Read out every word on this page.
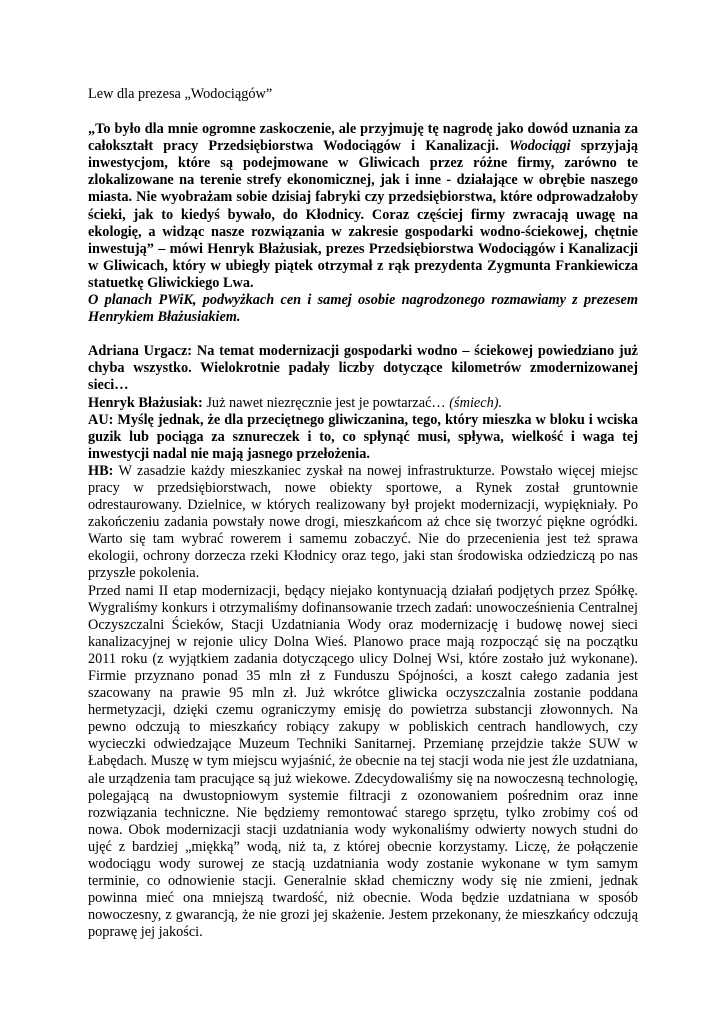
Lew dla prezesa „Wodociągów”

„To było dla mnie ogromne zaskoczenie, ale przyjmuję tę nagrodę jako dowód uznania za całokształt pracy Przedsiębiorstwa Wodociągów i Kanalizacji. Wodociągi sprzyjają inwestycjom, które są podejmowane w Gliwicach przez różne firmy, zarówno te zlokalizowane na terenie strefy ekonomicznej, jak i inne - działające w obrębie naszego miasta. Nie wyobrażam sobie dzisiaj fabryki czy przedsiębiorstwa, które odprowadzałoby ścieki, jak to kiedyś bywało, do Kłodnicy. Coraz częściej firmy zwracają uwagę na ekologię, a widząc nasze rozwiązania w zakresie gospodarki wodno-ściekowej, chętnie inwestują” – mówi Henryk Błażusiak, prezes Przedsiębiorstwa Wodociągów i Kanalizacji w Gliwicach, który w ubiegły piątek otrzymał z rąk prezydenta Zygmunta Frankiewicza statuetkę Gliwickiego Lwa.

O planach PWiK, podwyżkach cen i samej osobie nagrodzonego rozmawiamy z prezesem Henrykiem Błażusiakiem.

Adriana Urgacz: Na temat modernizacji gospodarki wodno – ściekowej powiedziano już chyba wszystko. Wielokrotnie padały liczby dotyczące kilometrów zmodernizowanej sieci…

Henryk Błażusiak: Już nawet niezręcznie jest je powtarzać… (śmiech).

AU: Myślę jednak, że dla przeciętnego gliwiczanina, tego, który mieszka w bloku i wciska guzik lub pociąga za sznureczek i to, co spłynąć musi, spływa, wielkość i waga tej inwestycji nadal nie mają jasnego przełożenia.

HB: W zasadzie każdy mieszkaniec zyskał na nowej infrastrukturze. Powstało więcej miejsc pracy w przedsiębiorstwach, nowe obiekty sportowe, a Rynek został gruntownie odrestaurowany. Dzielnice, w których realizowany był projekt modernizacji, wypiękniały. Po zakończeniu zadania powstały nowe drogi, mieszkańcom aż chce się tworzyć piękne ogródki. Warto się tam wybrać rowerem i samemu zobaczyć. Nie do przecenienia jest też sprawa ekologii, ochrony dorzecza rzeki Kłodnicy oraz tego, jaki stan środowiska odziedziczą po nas przyszłe pokolenia.

Przed nami II etap modernizacji, będący niejako kontynuacją działań podjętych przez Spółkę. Wygraliśmy konkurs i otrzymaliśmy dofinansowanie trzech zadań: unowocześnienia Centralnej Oczyszczalni Ścieków, Stacji Uzdatniania Wody oraz modernizację i budowę nowej sieci kanalizacyjnej w rejonie ulicy Dolna Wieś. Planowo prace mają rozpocząć się na początku 2011 roku (z wyjątkiem zadania dotyczącego ulicy Dolnej Wsi, które zostało już wykonane). Firmie przyznano ponad 35 mln zł z Funduszu Spójności, a koszt całego zadania jest szacowany na prawie 95 mln zł. Już wkrótce gliwicka oczyszczalnia zostanie poddana hermetyzacji, dzięki czemu ograniczymy emisję do powietrza substancji złowonnych. Na pewno odczują to mieszkańcy robiący zakupy w pobliskich centrach handlowych, czy wycieczki odwiedzające Muzeum Techniki Sanitarnej. Przemianę przejdzie także SUW w Łabędach. Muszę w tym miejscu wyjaśnić, że obecnie na tej stacji woda nie jest źle uzdatniana, ale urządzenia tam pracujące są już wiekowe. Zdecydowaliśmy się na nowoczesną technologię, polegającą na dwustopniowym systemie filtracji z ozonowaniem pośrednim oraz inne rozwiązania techniczne. Nie będziemy remontować starego sprzętu, tylko zrobimy coś od nowa. Obok modernizacji stacji uzdatniania wody wykonaliśmy odwierty nowych studni do ujęć z bardziej „miękką” wodą, niż ta, z której obecnie korzystamy. Liczę, że połączenie wodociągu wody surowej ze stacją uzdatniania wody zostanie wykonane w tym samym terminie, co odnowienie stacji. Generalnie skład chemiczny wody się nie zmieni, jednak powinna mieć ona mniejszą twardość, niż obecnie. Woda będzie uzdatniana w sposób nowoczesny, z gwarancją, że nie grozi jej skażenie. Jestem przekonany, że mieszkańcy odczują poprawę jej jakości.
